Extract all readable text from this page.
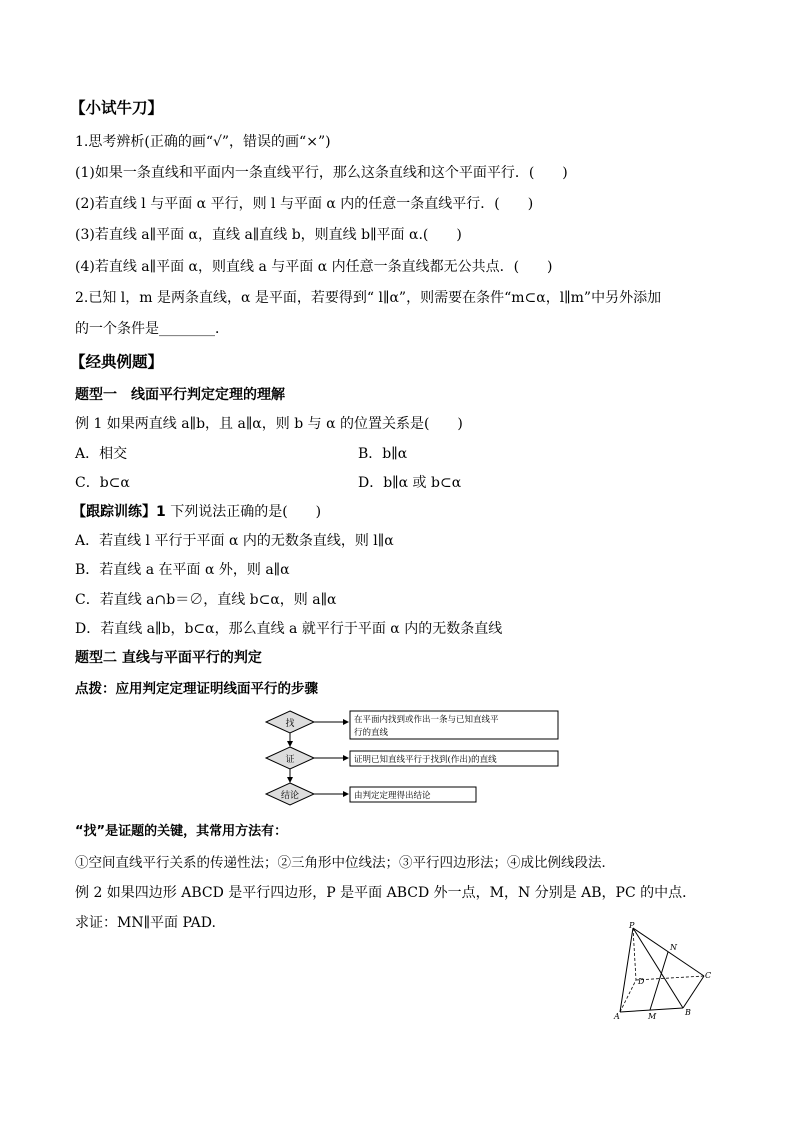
【小试牛刀】
1.思考辨析(正确的画“√”，错误的画“×”)
(1)如果一条直线和平面内一条直线平行，那么这条直线和这个平面平行．(　　)
(2)若直线 l 与平面 α 平行，则 l 与平面 α 内的任意一条直线平行．(　　)
(3)若直线 a∥平面 α，直线 a∥直线 b，则直线 b∥平面 α.(　　)
(4)若直线 a∥平面 α，则直线 a 与平面 α 内任意一条直线都无公共点．(　　)
2.已知 l，m 是两条直线，α 是平面，若要得到“ l∥α”，则需要在条件“m⊂α，l∥m”中另外添加
的一个条件是________．
【经典例题】
题型一　线面平行判定定理的理解
例 1 如果两直线 a∥b，且 a∥α，则 b 与 α 的位置关系是(　　)
A．相交	B．b∥α
C．b⊂α	D．b∥α 或 b⊂α
【跟踪训练】1 下列说法正确的是(　　)
A．若直线 l 平行于平面 α 内的无数条直线，则 l∥α
B．若直线 a 在平面 α 外，则 a∥α
C．若直线 a∩b＝∅，直线 b⊂α，则 a∥α
D．若直线 a∥b，b⊂α，那么直线 a 就平行于平面 α 内的无数条直线
题型二 直线与平面平行的判定
点拨：应用判定定理证明线面平行的步骤
找
证
结论
在平面内找到或作出一条与已知直线平
行的直线
证明已知直线平行于找到(作出)的直线
由判定定理得出结论
“找”是证题的关键，其常用方法有：
①空间直线平行关系的传递性法；②三角形中位线法；③平行四边形法；④成比例线段法．
例 2 如果四边形 ABCD 是平行四边形，P 是平面 ABCD 外一点，M，N 分别是 AB，PC 的中点．
求证：MN∥平面 PAD.	P
N
C
D
A	M	B
